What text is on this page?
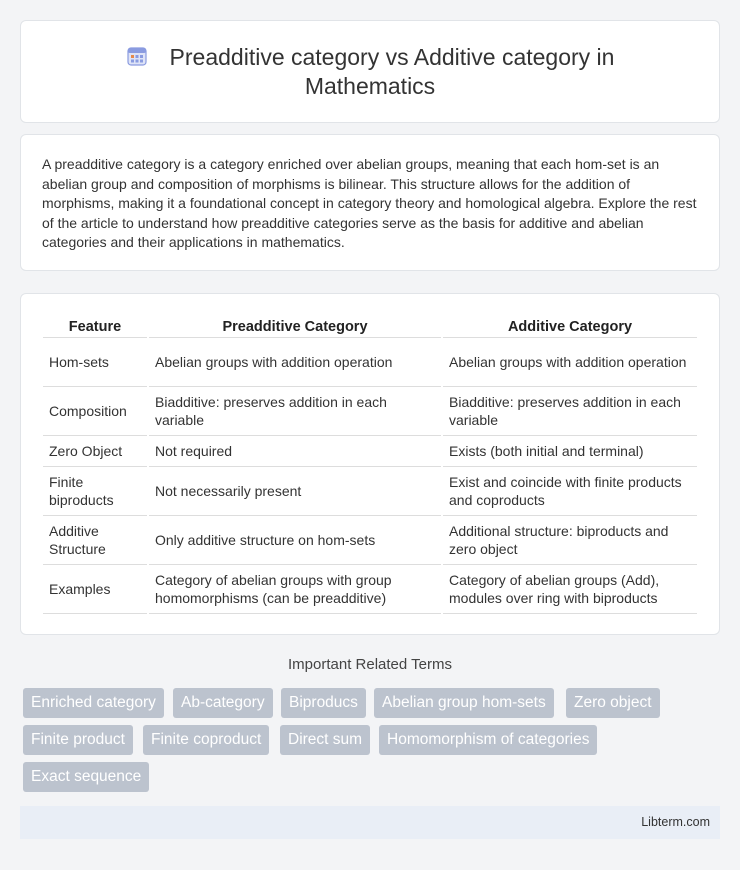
Preadditive category vs Additive category in
Mathematics

A preadditive category is a category enriched over abelian groups, meaning that each hom-set is an abelian group and composition of morphisms is bilinear. This structure allows for the addition of morphisms, making it a foundational concept in category theory and homological algebra. Explore the rest of the article to understand how preadditive categories serve as the basis for additive and abelian categories and their applications in mathematics.

Feature	Preadditive Category	Additive Category
Hom-sets	Abelian groups with addition operation	Abelian groups with addition operation
Composition	Biadditive: preserves addition in each variable	Biadditive: preserves addition in each variable
Zero Object	Not required	Exists (both initial and terminal)
Finite biproducts	Not necessarily present	Exist and coincide with finite products and coproducts
Additive Structure	Only additive structure on hom-sets	Additional structure: biproducts and zero object
Examples	Category of abelian groups with group homomorphisms (can be preadditive)	Category of abelian groups (Add), modules over ring with biproducts
Important Related Terms
Enriched category	Ab-category	Biproducs	Abelian group hom-sets	Zero object
Finite product	Finite coproduct	Direct sum	Homomorphism of categories
Exact sequence
Libterm.com
